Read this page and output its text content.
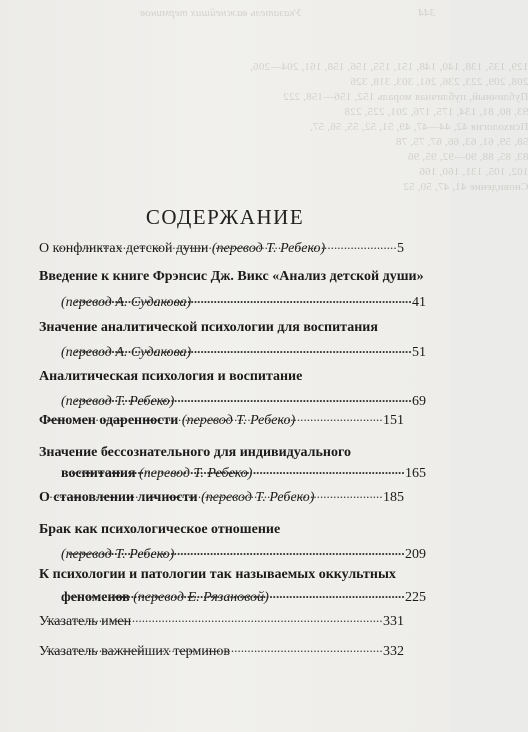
Указатель важнейших терминов	344
129, 135, 138, 140, 148, 151, 155, 156, 158, 161, 204—206,
208, 209, 223, 236, 261, 303, 318, 326
Публичный, публичная мораль 152, 156—158, 222
93, 80, 81, 134, 175, 176, 201, 225, 228
Психология 42, 44—47, 49, 51, 52, 55, 56, 57,
58, 59, 61, 63, 66, 67, 75, 78
83, 85, 88, 90—92, 95, 96
102, 105, 131, 160, 166
Сновидение 41, 47, 50, 52
СОДЕРЖАНИЕ
О конфликтах детской души (перевод Т. Ребеко) . . .	5
Введение к книге Фрэнсис Дж. Викс «Анализ детской души»
(перевод А. Судакова) . . .	41
Значение аналитической психологии для воспитания
(перевод А. Судакова) . . .	51
Аналитическая психология и воспитание
(перевод Т. Ребеко) . . .	69
Феномен одаренности (перевод Т. Ребеко) . . .	151
Значение бессознательного для индивидуального
воспитания (перевод Т. Ребеко) . . .	165
О становлении личности (перевод Т. Ребеко) . . .	185
Брак как психологическое отношение
(перевод Т. Ребеко) . . .	209
К психологии и патологии так называемых оккультных
феноменов (перевод Е. Рязановой) . . .	225
Указатель имен . . .	331
Указатель важнейших терминов . . .	332
